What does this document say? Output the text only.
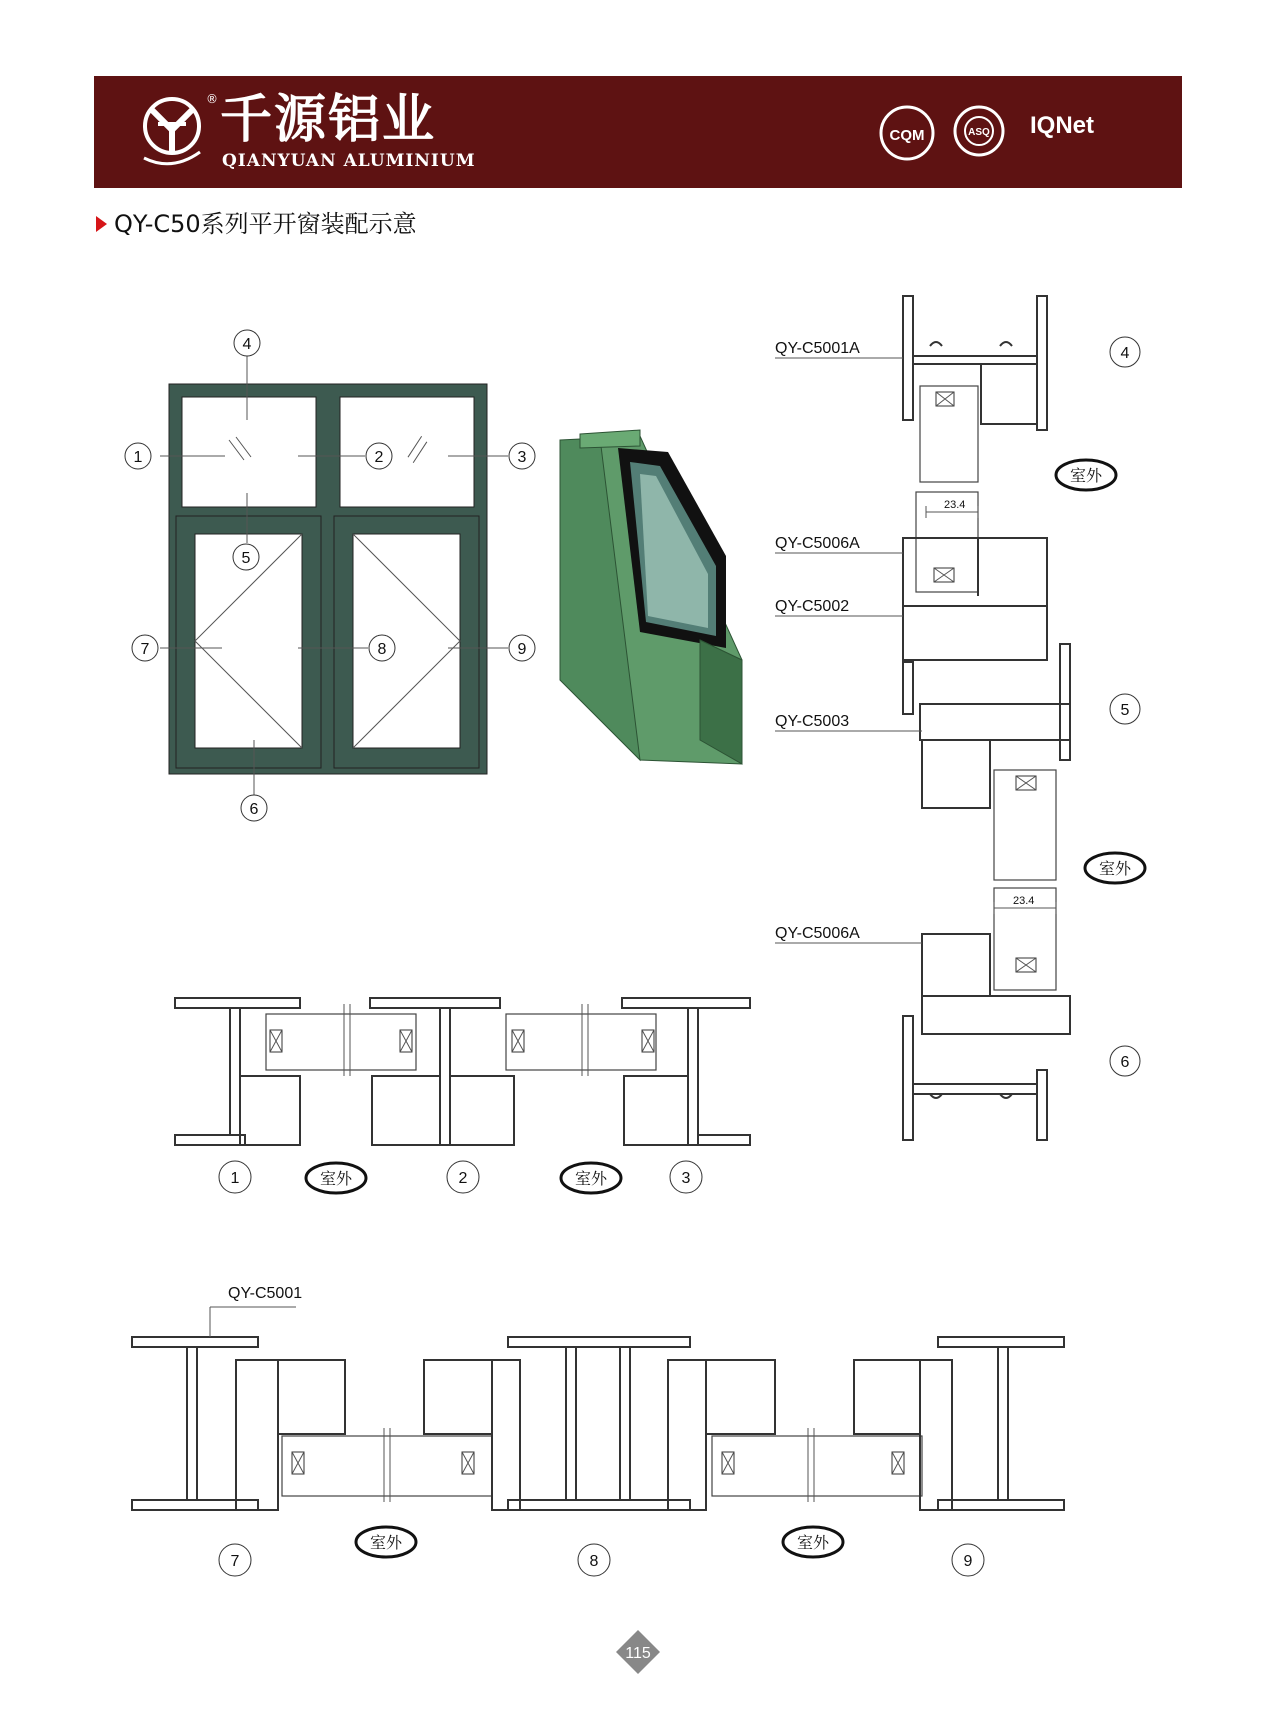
® 千源铝业
QIANYUAN ALUMINIUM
CQM	ASQ IQNet
QY-C50系列平开窗装配示意
4
1	2	3
5
7	8	9
6
23.4
23.4
QY-C5001A
QY-C5006A
QY-C5002
QY-C5003
QY-C5006A
4
5
6
室外
室外
1	2	3
室外	室外
QY-C5001
7	8	9
室外	室外
115
